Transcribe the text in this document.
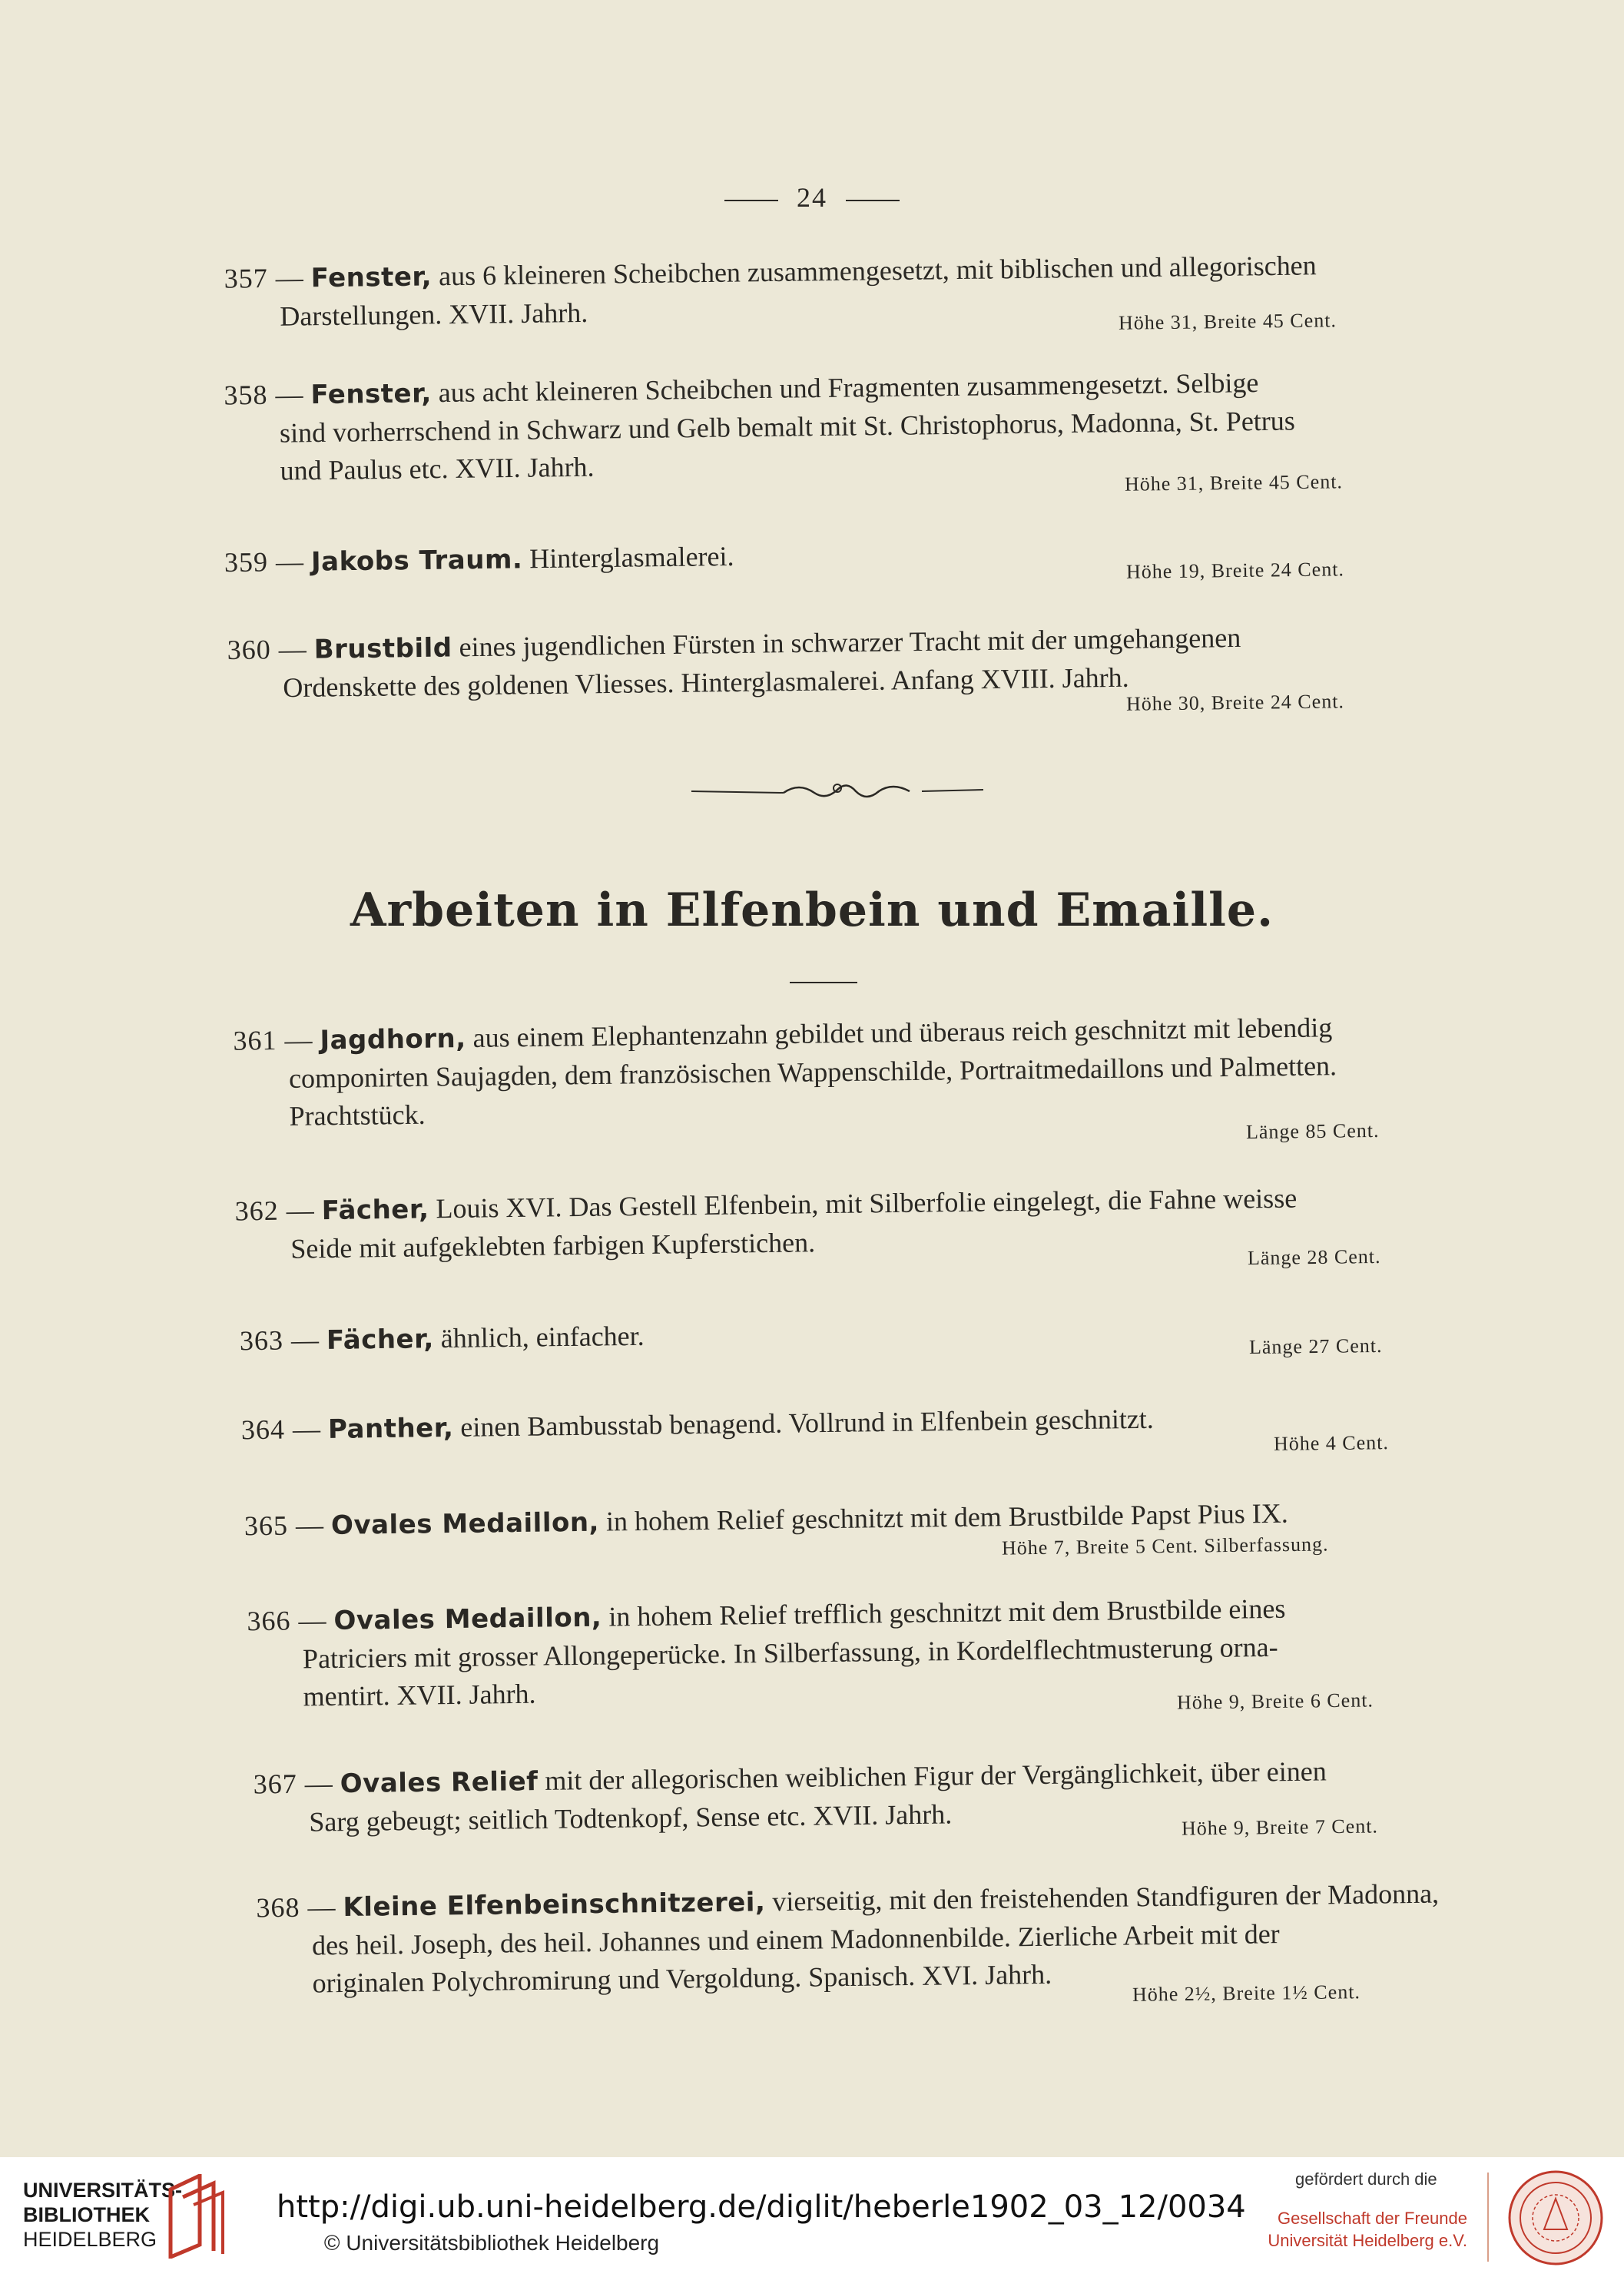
24
357 — Fenster, aus 6 kleineren Scheibchen zusammengesetzt, mit biblischen und allegorischen
Darstellungen. XVII. Jahrh.	Höhe 31, Breite 45 Cent.
358 — Fenster, aus acht kleineren Scheibchen und Fragmenten zusammengesetzt. Selbige
sind vorherrschend in Schwarz und Gelb bemalt mit St. Christophorus, Madonna, St. Petrus
und Paulus etc. XVII. Jahrh.	Höhe 31, Breite 45 Cent.
359 — Jakobs Traum. Hinterglasmalerei.	Höhe 19, Breite 24 Cent.
360 — Brustbild eines jugendlichen Fürsten in schwarzer Tracht mit der umgehangenen
Ordenskette des goldenen Vliesses. Hinterglasmalerei. Anfang XVIII. Jahrh.
Höhe 30, Breite 24 Cent.
Arbeiten in Elfenbein und Emaille.
361 — Jagdhorn, aus einem Elephantenzahn gebildet und überaus reich geschnitzt mit lebendig
componirten Saujagden, dem französischen Wappenschilde, Portraitmedaillons und Palmetten.
Prachtstück.	Länge 85 Cent.
362 — Fächer, Louis XVI. Das Gestell Elfenbein, mit Silberfolie eingelegt, die Fahne weisse
Seide mit aufgeklebten farbigen Kupferstichen.	Länge 28 Cent.
363 — Fächer, ähnlich, einfacher.	Länge 27 Cent.
364 — Panther, einen Bambusstab benagend. Vollrund in Elfenbein geschnitzt.
Höhe 4 Cent.
365 — Ovales Medaillon, in hohem Relief geschnitzt mit dem Brustbilde Papst Pius IX.
Höhe 7, Breite 5 Cent. Silberfassung.
366 — Ovales Medaillon, in hohem Relief trefflich geschnitzt mit dem Brustbilde eines
Patriciers mit grosser Allongeperücke. In Silberfassung, in Kordelflechtmusterung orna-
mentirt. XVII. Jahrh.	Höhe 9, Breite 6 Cent.
367 — Ovales Relief mit der allegorischen weiblichen Figur der Vergänglichkeit, über einen
Sarg gebeugt; seitlich Todtenkopf, Sense etc. XVII. Jahrh.	Höhe 9, Breite 7 Cent.
368 — Kleine Elfenbeinschnitzerei, vierseitig, mit den freistehenden Standfiguren der Madonna,
des heil. Joseph, des heil. Johannes und einem Madonnenbilde. Zierliche Arbeit mit der
originalen Polychromirung und Vergoldung. Spanisch. XVI. Jahrh.	Höhe 2½, Breite 1½ Cent.
UNIVERSITÄTS-
BIBLIOTHEK
HEIDELBERG
http://digi.ub.uni-heidelberg.de/diglit/heberle1902_03_12/0034
© Universitätsbibliothek Heidelberg
gefördert durch die
Gesellschaft der Freunde
Universität Heidelberg e.V.
